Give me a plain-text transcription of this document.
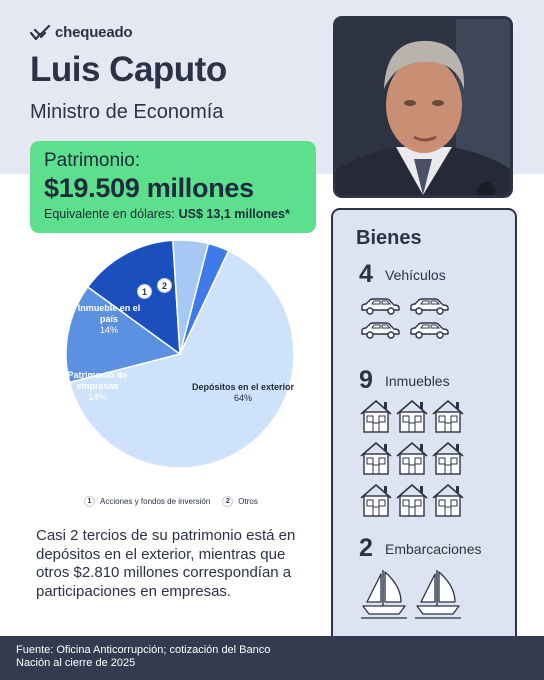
chequeado
Luis Caputo
Ministro de Economía
Patrimonio:
$19.509 millones
Equivalente en dólares: US$ 13,1 millones*
Depósitos en el exterior
64%
Patrimonio de empresas
14%
Inmueble en el país
14%
1
2
1	Acciones y fondos de inversión	2	Otros
Casi 2 tercios de su patrimonio está en depósitos en el exterior, mientras que otros $2.810 millones correspondían a participaciones en empresas.
Bienes
4 Vehículos
9 Inmuebles
2 Embarcaciones
Fuente: Oficina Anticorrupción; cotización del Banco Nación al cierre de 2025
